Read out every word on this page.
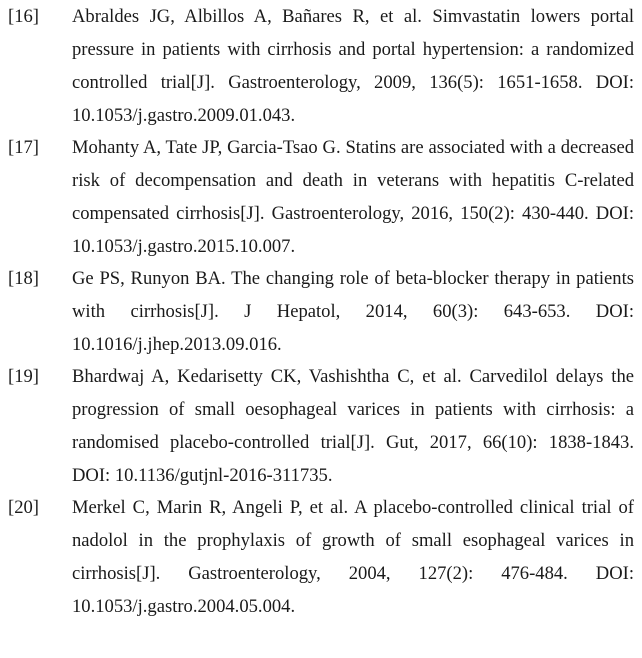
[16]	Abraldes JG, Albillos A, Bañares R, et al. Simvastatin lowers portal pressure in patients with cirrhosis and portal hypertension: a randomized controlled trial[J]. Gastroenterology, 2009, 136(5): 1651-1658. DOI: 10.1053/j.gastro.2009.01.043.
[17]	Mohanty A, Tate JP, Garcia-Tsao G. Statins are associated with a decreased risk of decompensation and death in veterans with hepatitis C-related compensated cirrhosis[J]. Gastroenterology, 2016, 150(2): 430-440. DOI: 10.1053/j.gastro.2015.10.007.
[18]	Ge PS, Runyon BA. The changing role of beta-blocker therapy in patients with cirrhosis[J]. J Hepatol, 2014, 60(3): 643-653. DOI: 10.1016/j.jhep.2013.09.016.
[19]	Bhardwaj A, Kedarisetty CK, Vashishtha C, et al. Carvedilol delays the progression of small oesophageal varices in patients with cirrhosis: a randomised placebo-controlled trial[J]. Gut, 2017, 66(10): 1838-1843. DOI: 10.1136/gutjnl-2016-311735.
[20]	Merkel C, Marin R, Angeli P, et al. A placebo-controlled clinical trial of nadolol in the prophylaxis of growth of small esophageal varices in cirrhosis[J]. Gastroenterology, 2004, 127(2): 476-484. DOI: 10.1053/j.gastro.2004.05.004.
